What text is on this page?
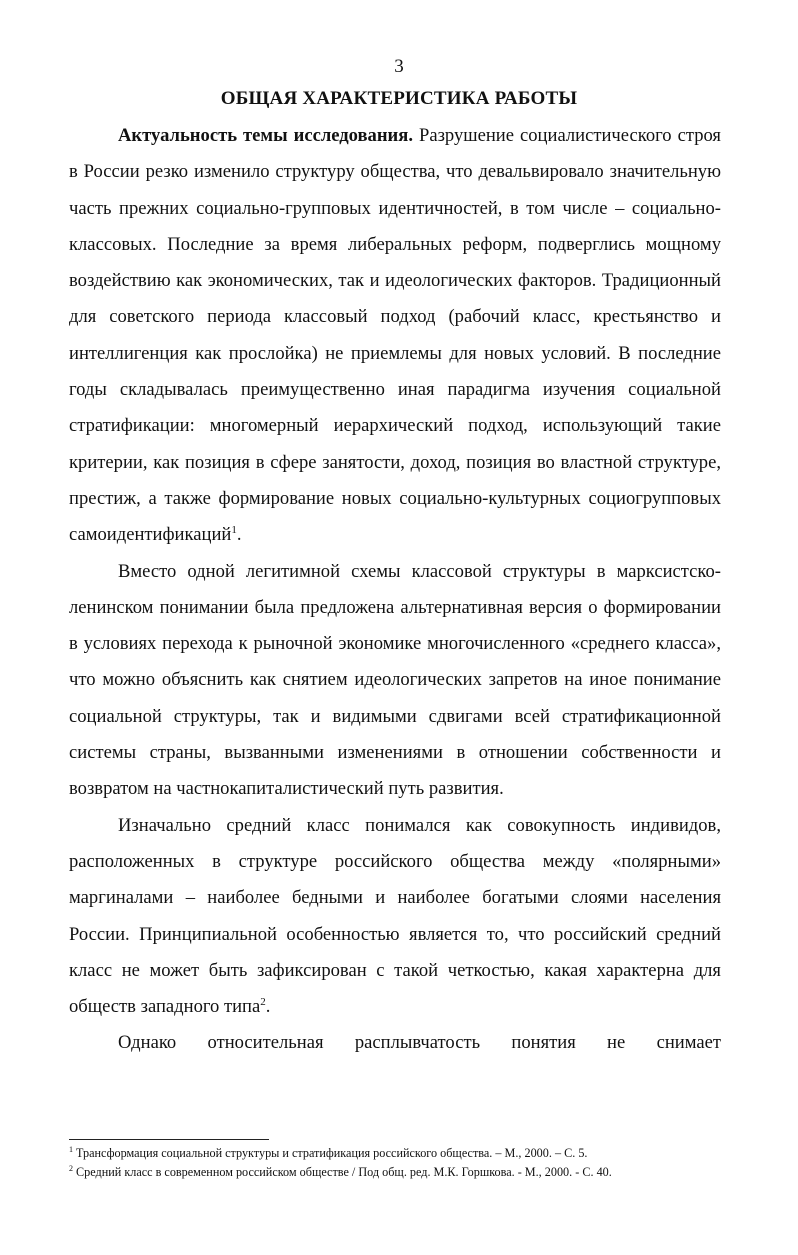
3
ОБЩАЯ ХАРАКТЕРИСТИКА РАБОТЫ

Актуальность темы исследования. Разрушение социалистического строя в России резко изменило структуру общества, что девальвировало значительную часть прежних социально-групповых идентичностей, в том числе – социально-классовых. Последние за время либеральных реформ, подверглись мощному воздействию как экономических, так и идеологических факторов. Традиционный для советского периода классовый подход (рабочий класс, крестьянство и интеллигенция как прослойка) не приемлемы для новых условий. В последние годы складывалась преимущественно иная парадигма изучения социальной стратификации: многомерный иерархический подход, использующий такие критерии, как позиция в сфере занятости, доход, позиция во властной структуре, престиж, а также формирование новых социально-культурных социогрупповых самоидентификаций$^1$.

Вместо одной легитимной схемы классовой структуры в марксистско-ленинском понимании была предложена альтернативная версия о формировании в условиях перехода к рыночной экономике многочисленного «среднего класса», что можно объяснить как снятием идеологических запретов на иное понимание социальной структуры, так и видимыми сдвигами всей стратификационной системы страны, вызванными изменениями в отношении собственности и возвратом на частнокапиталистический путь развития.

Изначально средний класс понимался как совокупность индивидов, расположенных в структуре российского общества между «полярными» маргиналами – наиболее бедными и наиболее богатыми слоями населения России. Принципиальной особенностью является то, что российский средний класс не может быть зафиксирован с такой четкостью, какая характерна для обществ западного типа$^2$.

Однако относительная расплывчатость понятия не снимает

$^1$ Трансформация социальной структуры и стратификация российского общества. – М., 2000. – С. 5.

$^2$ Средний класс в современном российском обществе / Под общ. ред. М.К. Горшкова. - М., 2000. - С. 40.
